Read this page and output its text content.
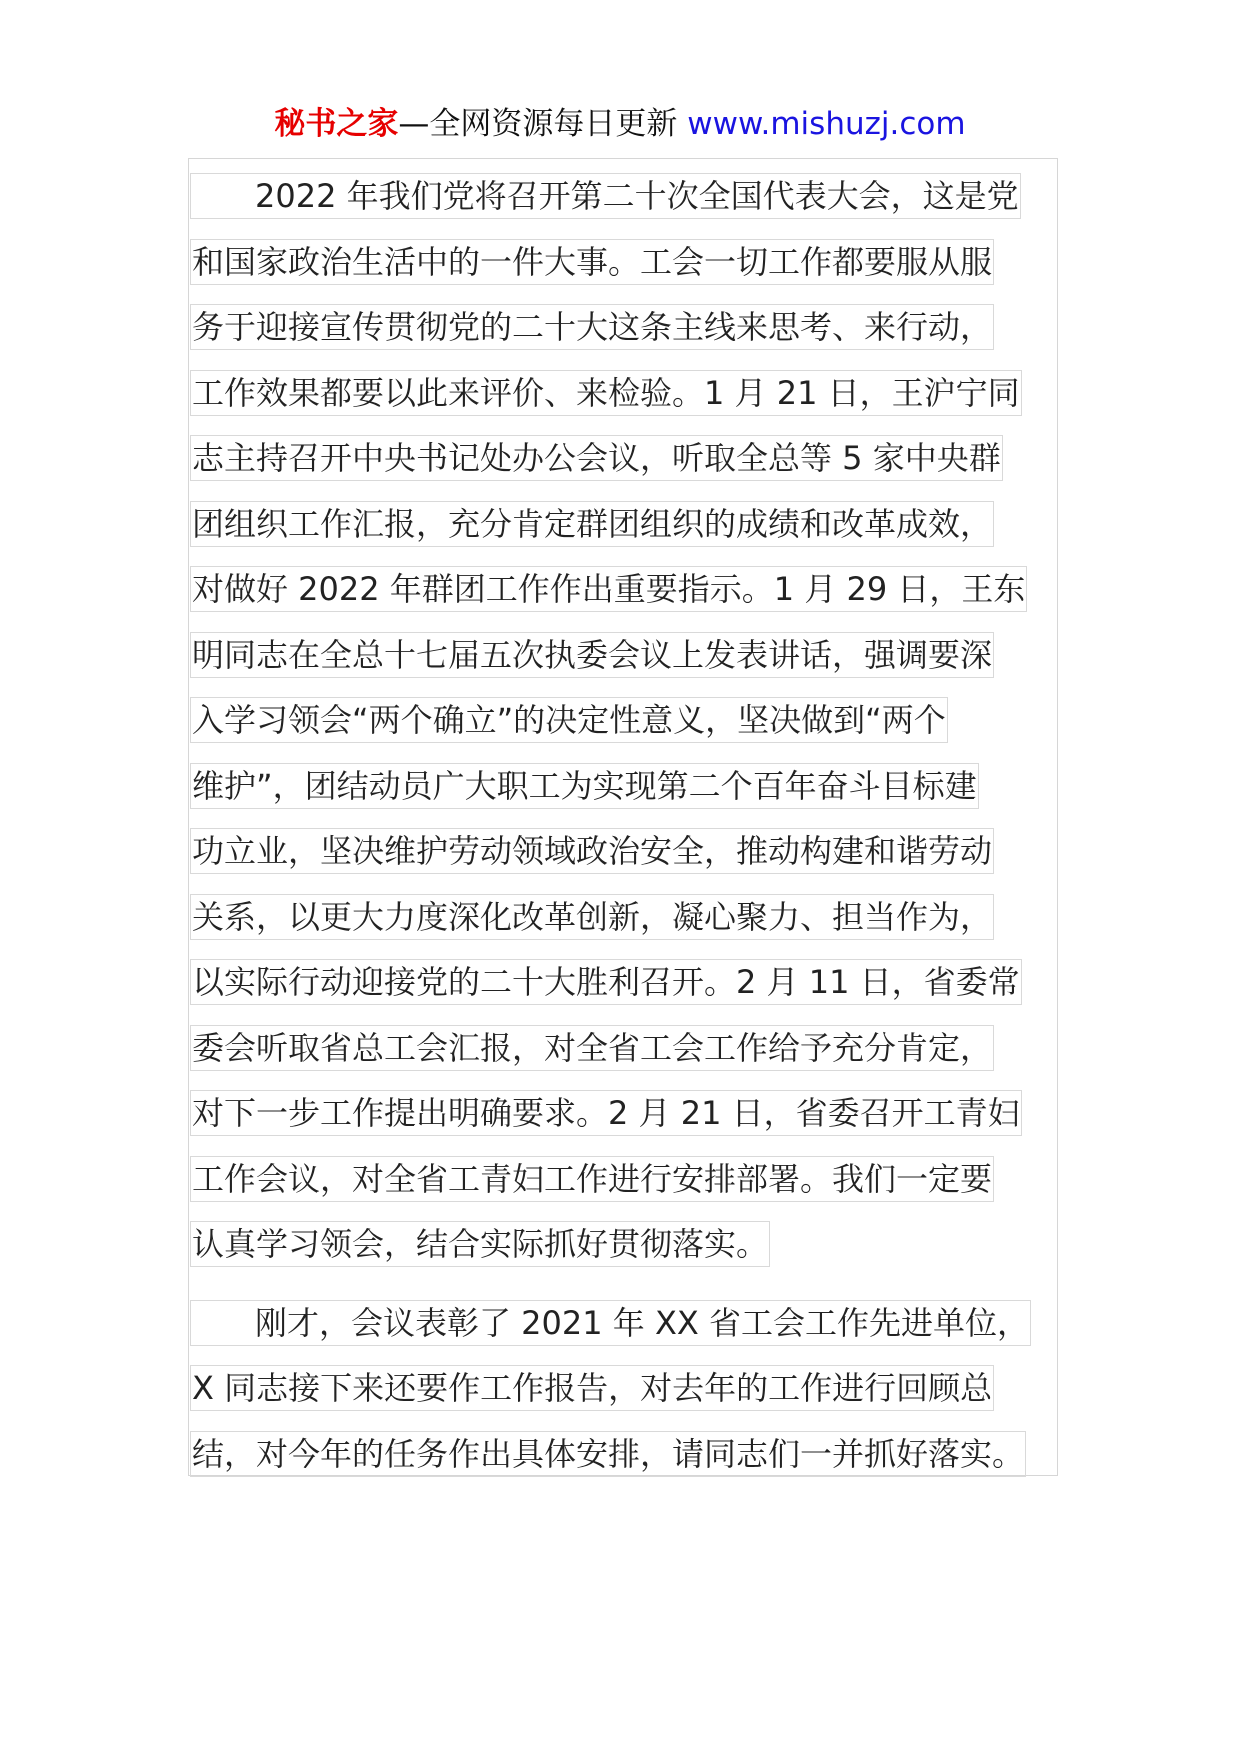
秘书之家—全网资源每日更新 www.mishuzj.com
2022 年我们党将召开第二十次全国代表大会，这是党
和国家政治生活中的一件大事。工会一切工作都要服从服
务于迎接宣传贯彻党的二十大这条主线来思考、来行动，
工作效果都要以此来评价、来检验。1 月 21 日，王沪宁同
志主持召开中央书记处办公会议，听取全总等 5 家中央群
团组织工作汇报，充分肯定群团组织的成绩和改革成效，
对做好 2022 年群团工作作出重要指示。1 月 29 日，王东
明同志在全总十七届五次执委会议上发表讲话，强调要深
入学习领会“两个确立”的决定性意义，坚决做到“两个
维护”，团结动员广大职工为实现第二个百年奋斗目标建
功立业，坚决维护劳动领域政治安全，推动构建和谐劳动
关系，以更大力度深化改革创新，凝心聚力、担当作为，
以实际行动迎接党的二十大胜利召开。2 月 11 日，省委常
委会听取省总工会汇报，对全省工会工作给予充分肯定，
对下一步工作提出明确要求。2 月 21 日，省委召开工青妇
工作会议，对全省工青妇工作进行安排部署。我们一定要
认真学习领会，结合实际抓好贯彻落实。
刚才，会议表彰了 2021 年 XX 省工会工作先进单位，
X 同志接下来还要作工作报告，对去年的工作进行回顾总
结，对今年的任务作出具体安排，请同志们一并抓好落实。
